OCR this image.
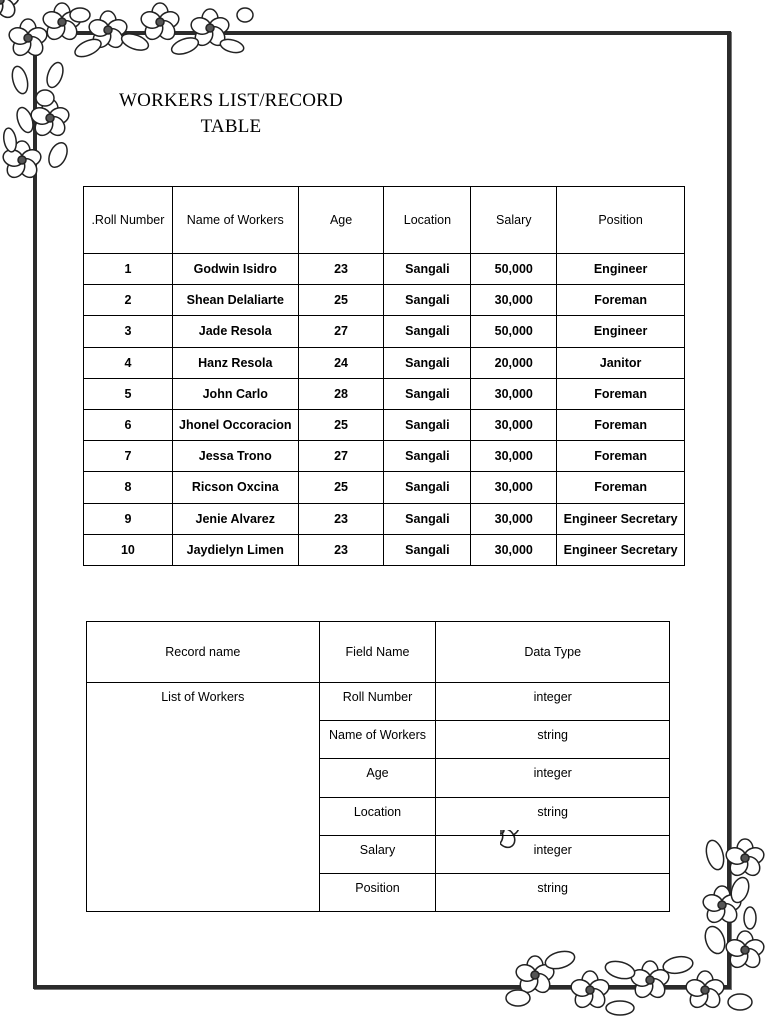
WORKERS LIST/RECORD
TABLE
.Roll Number	Name of Workers	Age	Location	Salary	Position
1	Godwin Isidro	23	Sangali	50,000	Engineer
2	Shean Delaliarte	25	Sangali	30,000	Foreman
3	Jade Resola	27	Sangali	50,000	Engineer
4	Hanz Resola	24	Sangali	20,000	Janitor
5	John Carlo	28	Sangali	30,000	Foreman
6	Jhonel Occoracion	25	Sangali	30,000	Foreman
7	Jessa Trono	27	Sangali	30,000	Foreman
8	Ricson Oxcina	25	Sangali	30,000	Foreman
9	Jenie Alvarez	23	Sangali	30,000	Engineer Secretary
10	Jaydielyn Limen	23	Sangali	30,000	Engineer Secretary
Record name	Field Name	Data Type
List of Workers	Roll Number	integer
	Name of Workers	string
	Age	integer
	Location	string
	Salary	integer
	Position	string
